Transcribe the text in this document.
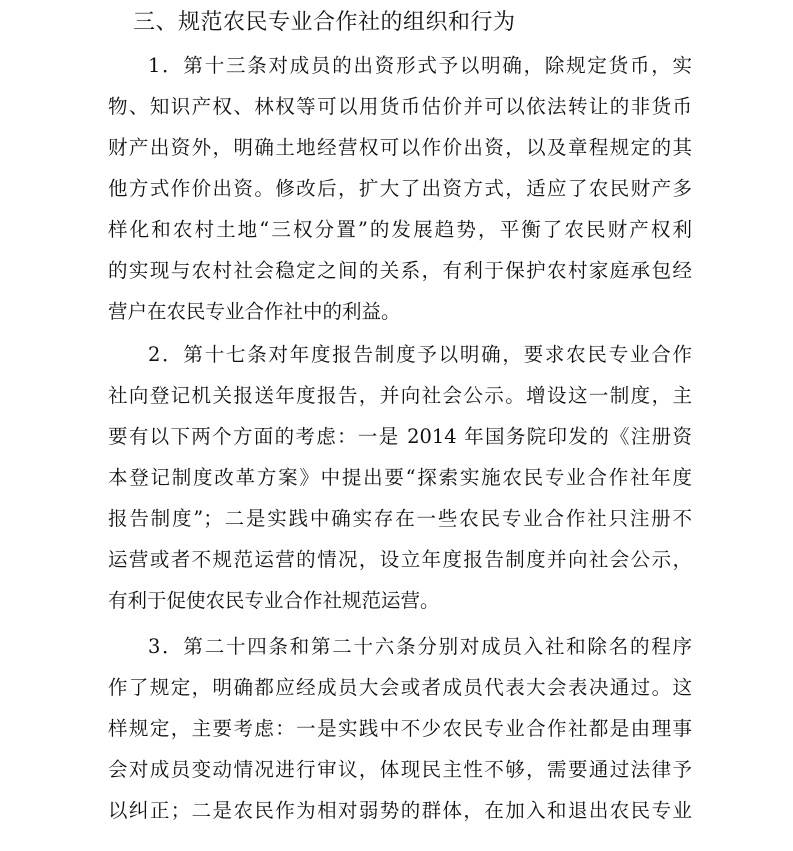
三、规范农民专业合作社的组织和行为
1．第十三条对成员的出资形式予以明确，除规定货币，实
物、知识产权、林权等可以用货币估价并可以依法转让的非货币
财产出资外，明确土地经营权可以作价出资，以及章程规定的其
他方式作价出资。修改后，扩大了出资方式，适应了农民财产多
样化和农村土地“三权分置”的发展趋势，平衡了农民财产权利
的实现与农村社会稳定之间的关系，有利于保护农村家庭承包经
营户在农民专业合作社中的利益。
2．第十七条对年度报告制度予以明确，要求农民专业合作
社向登记机关报送年度报告，并向社会公示。增设这一制度，主
要有以下两个方面的考虑：一是 2014 年国务院印发的《注册资
本登记制度改革方案》中提出要“探索实施农民专业合作社年度
报告制度”；二是实践中确实存在一些农民专业合作社只注册不
运营或者不规范运营的情况，设立年度报告制度并向社会公示，
有利于促使农民专业合作社规范运营。
3．第二十四条和第二十六条分别对成员入社和除名的程序
作了规定，明确都应经成员大会或者成员代表大会表决通过。这
样规定，主要考虑：一是实践中不少农民专业合作社都是由理事
会对成员变动情况进行审议，体现民主性不够，需要通过法律予
以纠正；二是农民作为相对弱势的群体，在加入和退出农民专业
